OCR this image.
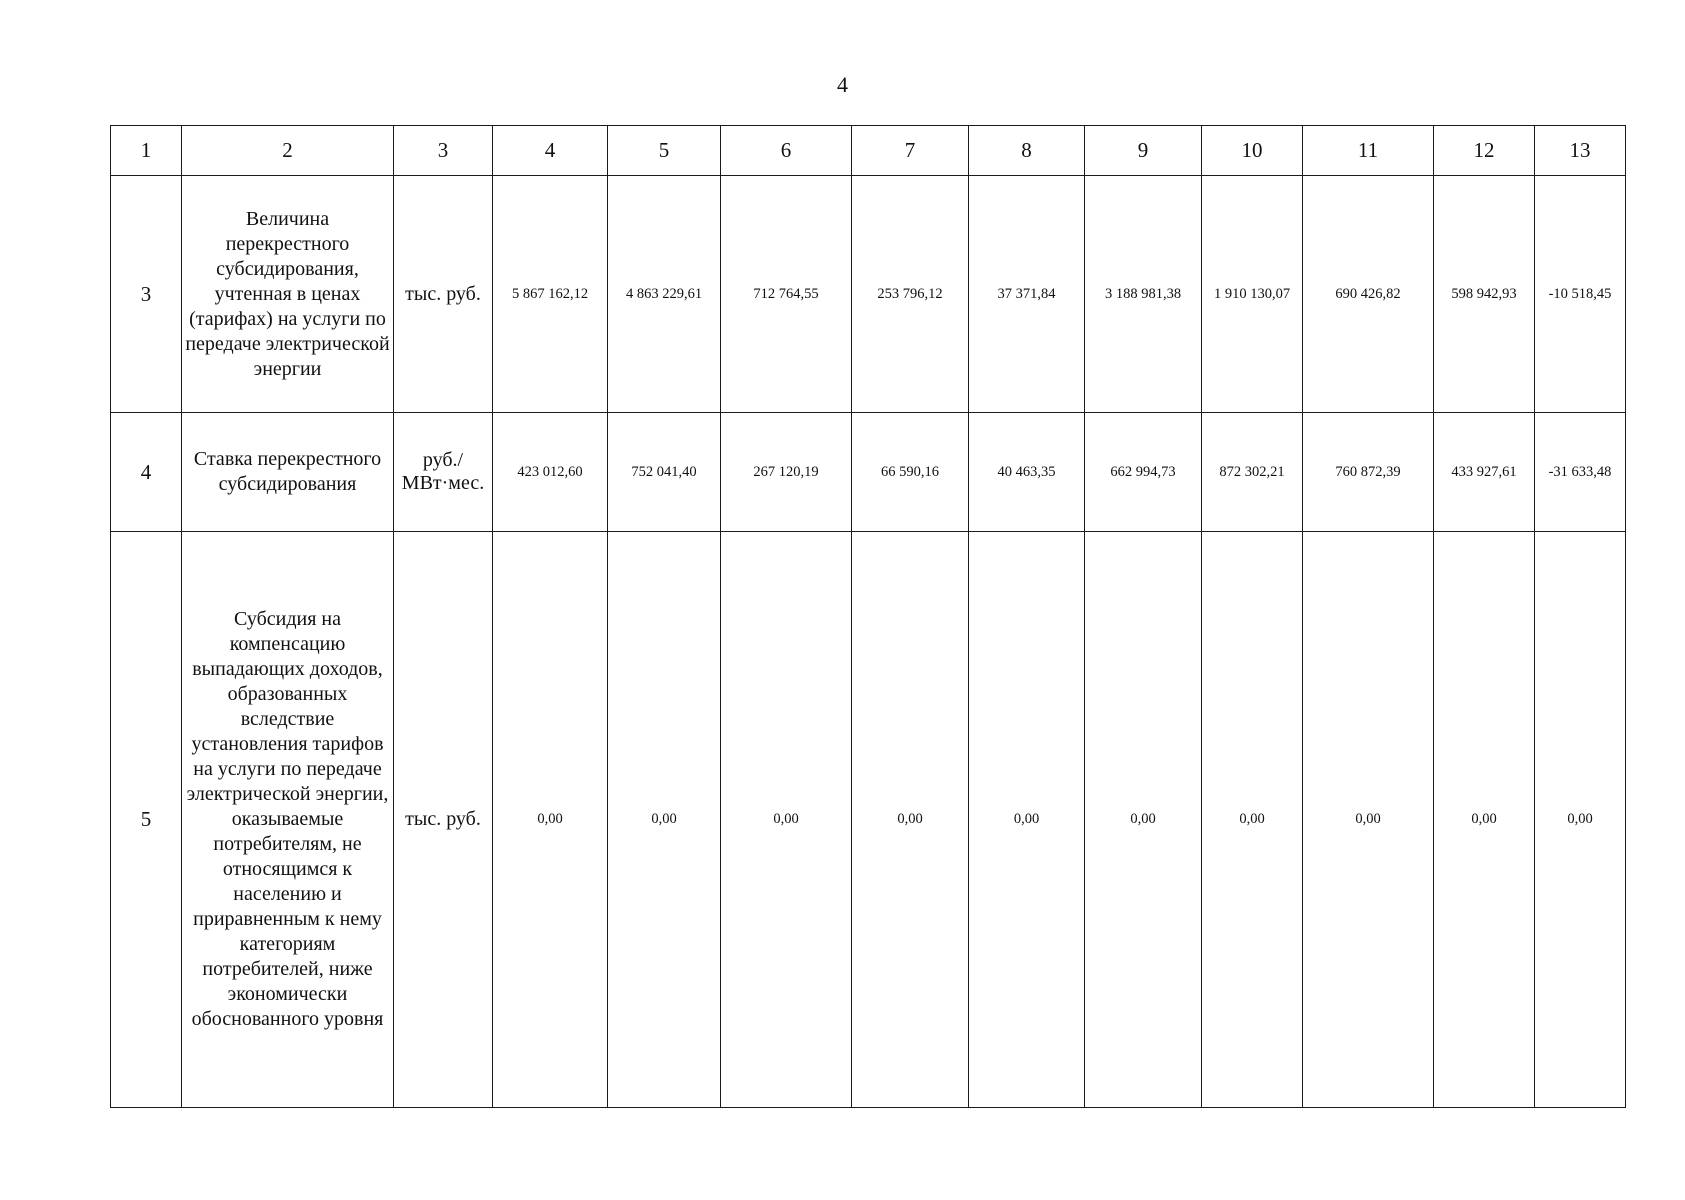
4
1	2	3	4	5	6	7	8	9	10	11	12	13
3	Величина перекрестного субсидирования, учтенная в ценах (тарифах) на услуги по передаче электрической энергии	тыс. руб.	5 867 162,12	4 863 229,61	712 764,55	253 796,12	37 371,84	3 188 981,38	1 910 130,07	690 426,82	598 942,93	-10 518,45
4	Ставка перекрестного субсидирования	руб./МВт·мес.	423 012,60	752 041,40	267 120,19	66 590,16	40 463,35	662 994,73	872 302,21	760 872,39	433 927,61	-31 633,48
5	Субсидия на компенсацию выпадающих доходов, образованных вследствие установления тарифов на услуги по передаче электрической энергии, оказываемые потребителям, не относящимся к населению и приравненным к нему категориям потребителей, ниже экономически обоснованного уровня	тыс. руб.	0,00	0,00	0,00	0,00	0,00	0,00	0,00	0,00	0,00	0,00
